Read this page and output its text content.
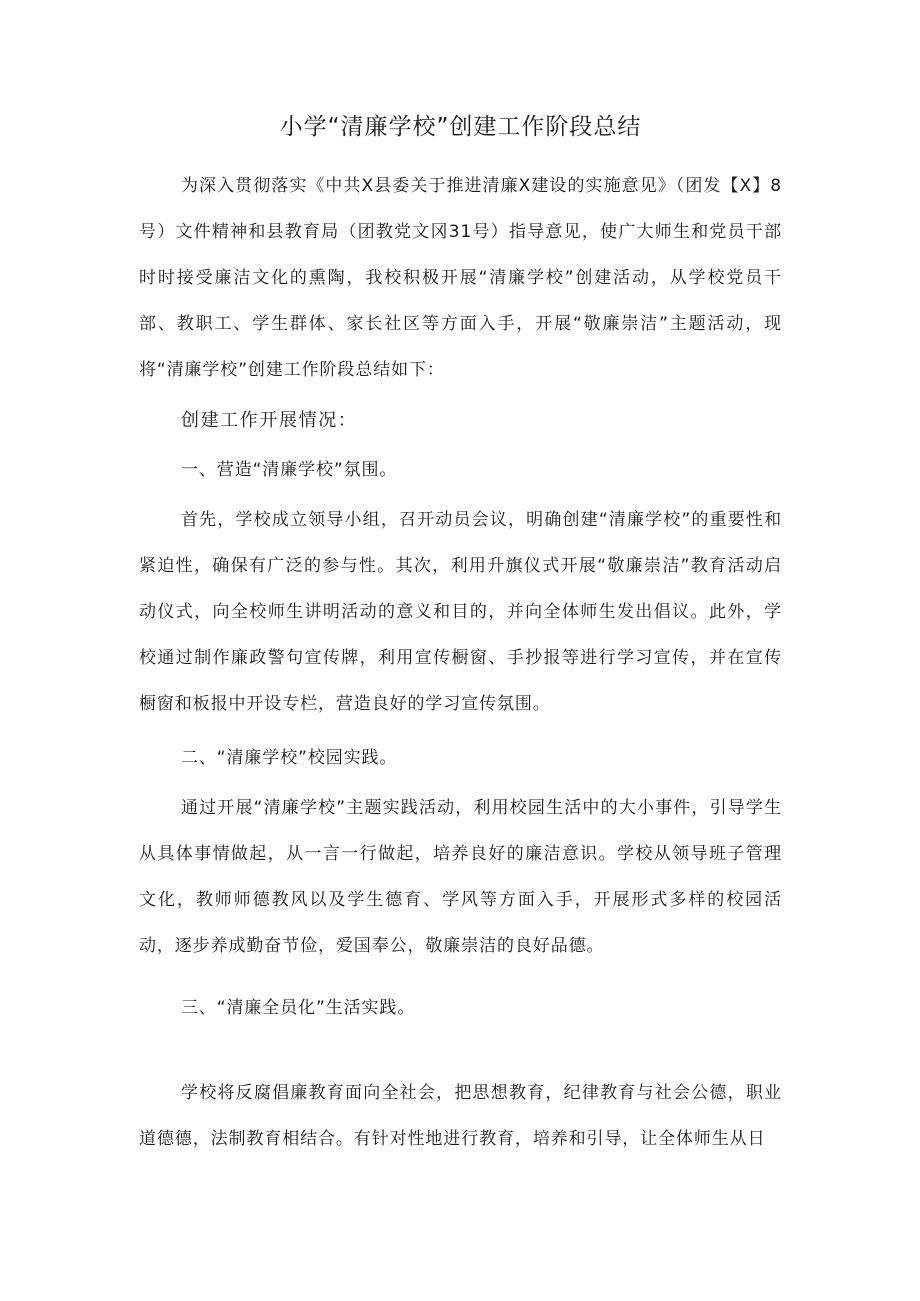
小学“清廉学校”创建工作阶段总结

为深入贯彻落实《中共X县委关于推进清廉X建设的实施意见》（团发【X】8号）文件精神和县教育局（团教党文冈31号）指导意见，使广大师生和党员干部时时接受廉洁文化的熏陶，我校积极开展“清廉学校”创建活动，从学校党员干部、教职工、学生群体、家长社区等方面入手，开展“敬廉崇洁”主题活动，现将“清廉学校”创建工作阶段总结如下：

创建工作开展情况：

一、营造“清廉学校”氛围。

首先，学校成立领导小组，召开动员会议，明确创建“清廉学校”的重要性和紧迫性，确保有广泛的参与性。其次，利用升旗仪式开展“敬廉崇洁”教育活动启动仪式，向全校师生讲明活动的意义和目的，并向全体师生发出倡议。此外，学校通过制作廉政警句宣传牌，利用宣传橱窗、手抄报等进行学习宣传，并在宣传橱窗和板报中开设专栏，营造良好的学习宣传氛围。

二、“清廉学校”校园实践。

通过开展“清廉学校”主题实践活动，利用校园生活中的大小事件，引导学生从具体事情做起，从一言一行做起，培养良好的廉洁意识。学校从领导班子管理文化，教师师德教风以及学生德育、学风等方面入手，开展形式多样的校园活动，逐步养成勤奋节俭，爱国奉公，敬廉崇洁的良好品德。

三、“清廉全员化”生活实践。

学校将反腐倡廉教育面向全社会，把思想教育，纪律教育与社会公德，职业道德德，法制教育相结合。有针对性地进行教育，培养和引导，让全体师生从日
